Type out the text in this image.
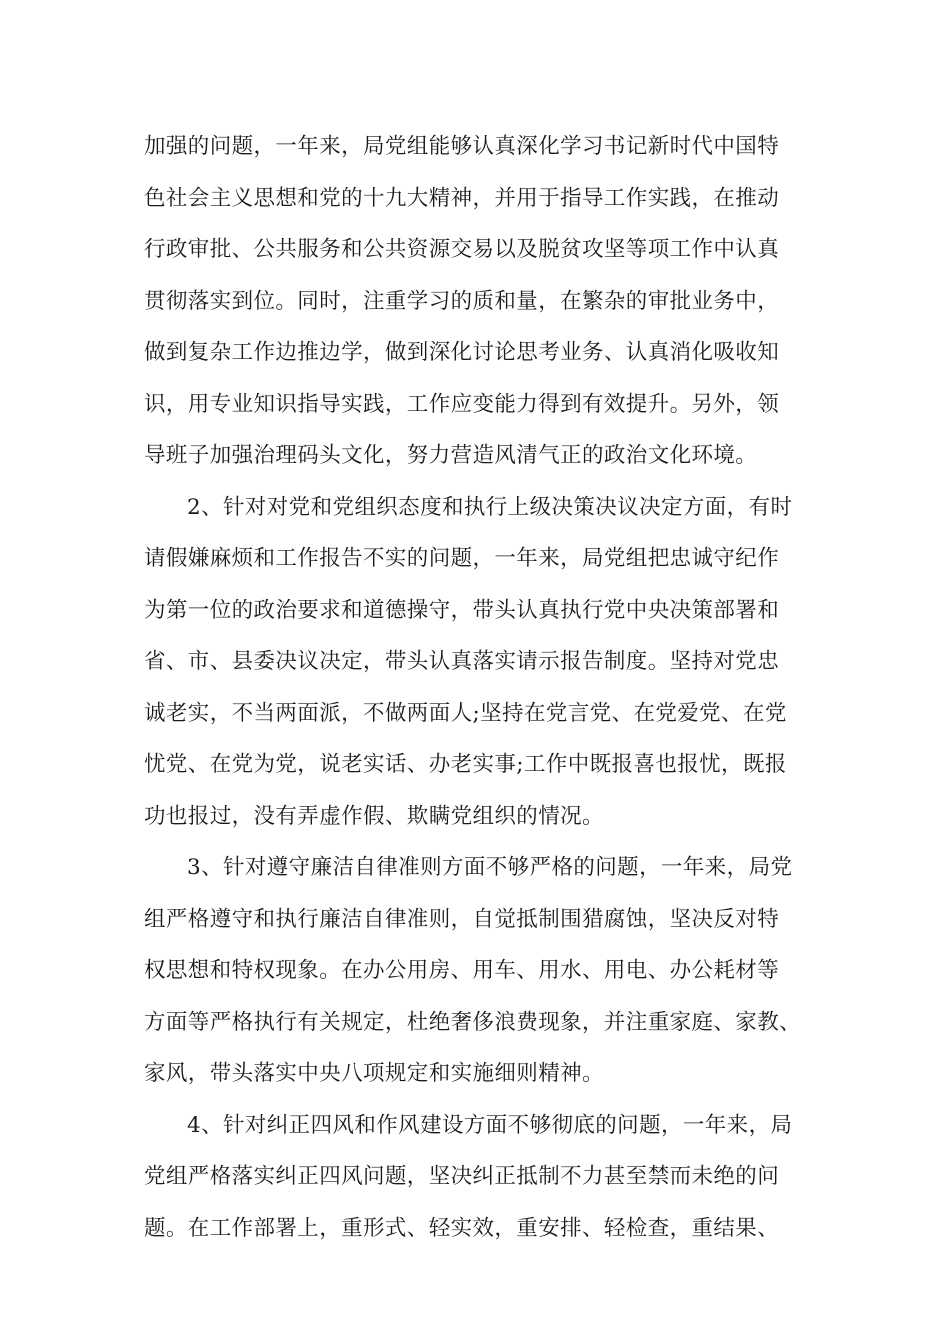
加强的问题，一年来，局党组能够认真深化学习书记新时代中国特
色社会主义思想和党的十九大精神，并用于指导工作实践，在推动
行政审批、公共服务和公共资源交易以及脱贫攻坚等项工作中认真
贯彻落实到位。同时，注重学习的质和量，在繁杂的审批业务中，
做到复杂工作边推边学，做到深化讨论思考业务、认真消化吸收知
识，用专业知识指导实践，工作应变能力得到有效提升。另外，领
导班子加强治理码头文化，努力营造风清气正的政治文化环境。
2、针对对党和党组织态度和执行上级决策决议决定方面，有时
请假嫌麻烦和工作报告不实的问题，一年来，局党组把忠诚守纪作
为第一位的政治要求和道德操守，带头认真执行党中央决策部署和
省、市、县委决议决定，带头认真落实请示报告制度。坚持对党忠
诚老实，不当两面派，不做两面人;坚持在党言党、在党爱党、在党
忧党、在党为党，说老实话、办老实事;工作中既报喜也报忧，既报
功也报过，没有弄虚作假、欺瞒党组织的情况。
3、针对遵守廉洁自律准则方面不够严格的问题，一年来，局党
组严格遵守和执行廉洁自律准则，自觉抵制围猎腐蚀，坚决反对特
权思想和特权现象。在办公用房、用车、用水、用电、办公耗材等
方面等严格执行有关规定，杜绝奢侈浪费现象，并注重家庭、家教、
家风，带头落实中央八项规定和实施细则精神。
4、针对纠正四风和作风建设方面不够彻底的问题，一年来，局
党组严格落实纠正四风问题，坚决纠正抵制不力甚至禁而未绝的问
题。在工作部署上，重形式、轻实效，重安排、轻检查，重结果、
